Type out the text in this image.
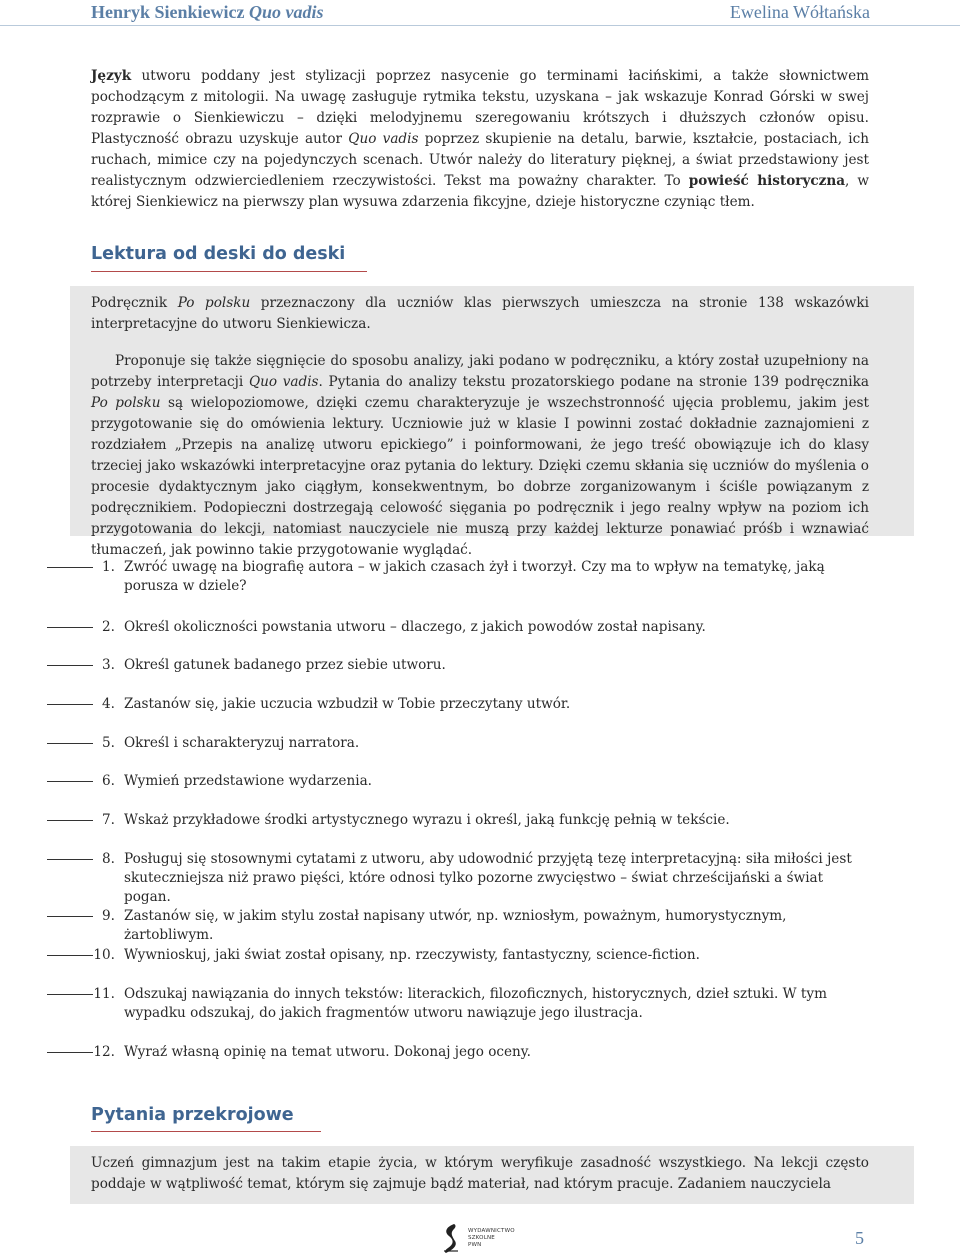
Henryk Sienkiewicz Quo vadis	Ewelina Wółtańska
Język utworu poddany jest stylizacji poprzez nasycenie go terminami łacińskimi, a także słownictwem pochodzącym z mitologii. Na uwagę zasługuje rytmika tekstu, uzyskana – jak wskazuje Konrad Górski w swej rozprawie o Sienkiewiczu – dzięki melodyjnemu szeregowaniu krótszych i dłuższych członów opisu. Plastyczność obrazu uzyskuje autor Quo vadis poprzez skupienie na detalu, barwie, kształcie, postaciach, ich ruchach, mimice czy na pojedynczych scenach. Utwór należy do literatury pięknej, a świat przedstawiony jest realistycznym odzwierciedleniem rzeczywistości. Tekst ma poważny charakter. To powieść historyczna, w której Sienkiewicz na pierwszy plan wysuwa zdarzenia fikcyjne, dzieje historyczne czyniąc tłem.
Lektura od deski do deski
Podręcznik Po polsku przeznaczony dla uczniów klas pierwszych umieszcza na stronie 138 wskazówki interpretacyjne do utworu Sienkiewicza.
Proponuje się także sięgnięcie do sposobu analizy, jaki podano w podręczniku, a który został uzupełniony na potrzeby interpretacji Quo vadis. Pytania do analizy tekstu prozatorskiego podane na stronie 139 podręcznika Po polsku są wielopoziomowe, dzięki czemu charakteryzuje je wszechstronność ujęcia problemu, jakim jest przygotowanie się do omówienia lektury. Uczniowie już w klasie I powinni zostać dokładnie zaznajomieni z rozdziałem „Przepis na analizę utworu epickiego” i poinformowani, że jego treść obowiązuje ich do klasy trzeciej jako wskazówki interpretacyjne oraz pytania do lektury. Dzięki czemu skłania się uczniów do myślenia o procesie dydaktycznym jako ciągłym, konsekwentnym, bo dobrze zorganizowanym i ściśle powiązanym z podręcznikiem. Podopieczni dostrzegają celowość sięgania po podręcznik i jego realny wpływ na poziom ich przygotowania do lekcji, natomiast nauczyciele nie muszą przy każdej lekturze ponawiać próśb i wznawiać tłumaczeń, jak powinno takie przygotowanie wyglądać.
1. Zwróć uwagę na biografię autora – w jakich czasach żył i tworzył. Czy ma to wpływ na tematykę, jaką porusza w dziele?
2. Określ okoliczności powstania utworu – dlaczego, z jakich powodów został napisany.
3. Określ gatunek badanego przez siebie utworu.
4. Zastanów się, jakie uczucia wzbudził w Tobie przeczytany utwór.
5. Określ i scharakteryzuj narratora.
6. Wymień przedstawione wydarzenia.
7. Wskaż przykładowe środki artystycznego wyrazu i określ, jaką funkcję pełnią w tekście.
8. Posługuj się stosownymi cytatami z utworu, aby udowodnić przyjętą tezę interpretacyjną: siła miłości jest skuteczniejsza niż prawo pięści, które odnosi tylko pozorne zwycięstwo – świat chrześcijański a świat pogan.
9. Zastanów się, w jakim stylu został napisany utwór, np. wzniosłym, poważnym, humorystycznym, żartobliwym.
10. Wywnioskuj, jaki świat został opisany, np. rzeczywisty, fantastyczny, science-fiction.
11. Odszukaj nawiązania do innych tekstów: literackich, filozoficznych, historycznych, dzieł sztuki. W tym wypadku odszukaj, do jakich fragmentów utworu nawiązuje jego ilustracja.
12. Wyraź własną opinię na temat utworu. Dokonaj jego oceny.
Pytania przekrojowe
Uczeń gimnazjum jest na takim etapie życia, w którym weryfikuje zasadność wszystkiego. Na lekcji często poddaje w wątpliwość temat, którym się zajmuje bądź materiał, nad którym pracuje. Zadaniem nauczyciela
WYDAWNICTWO
SZKOLNE
PWN	5
